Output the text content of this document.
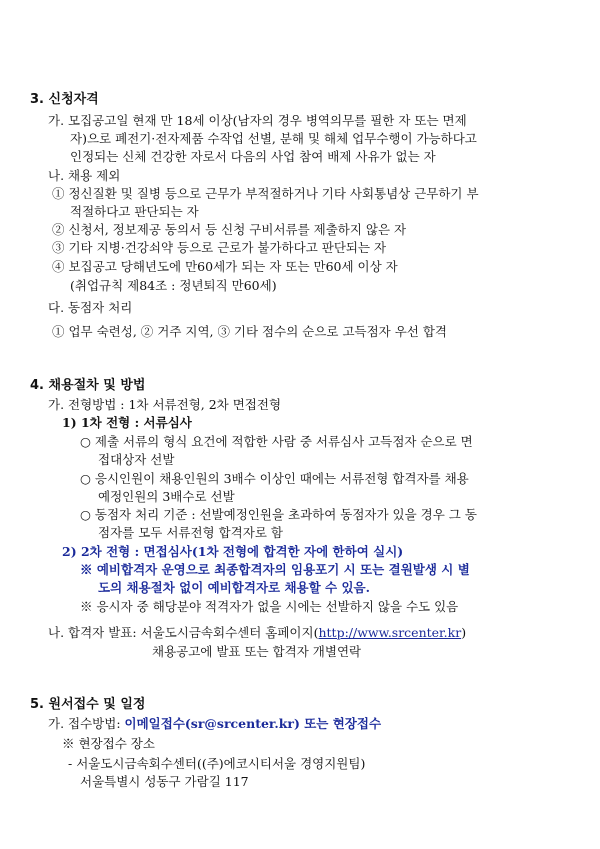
3. 신청자격
가. 모집공고일 현재 만 18세 이상(남자의 경우 병역의무를 필한 자 또는 면제
자)으로 폐전기·전자제품 수작업 선별, 분해 및 해체 업무수행이 가능하다고
인정되는 신체 건강한 자로서 다음의 사업 참여 배제 사유가 없는 자
나. 채용 제외
① 정신질환 및 질병 등으로 근무가 부적절하거나 기타 사회통념상 근무하기 부
적절하다고 판단되는 자
② 신청서, 정보제공 동의서 등 신청 구비서류를 제출하지 않은 자
③ 기타 지병·건강쇠약 등으로 근로가 불가하다고 판단되는 자
④ 보집공고 당해년도에 만60세가 되는 자 또는 만60세 이상 자
(취업규칙 제84조 : 정년퇴직 만60세)
다. 동점자 처리
① 업무 숙련성, ② 거주 지역, ③ 기타 점수의 순으로 고득점자 우선 합격
4. 채용절차 및 방법
가. 전형방법 : 1차 서류전형, 2차 면접전형
1) 1차 전형 : 서류심사
○ 제출 서류의 형식 요건에 적합한 사람 중 서류심사 고득점자 순으로 면
접대상자 선발
○ 응시인원이 채용인원의 3배수 이상인 때에는 서류전형 합격자를 채용
예정인원의 3배수로 선발
○ 동점자 처리 기준 : 선발예정인원을 초과하여 동점자가 있을 경우 그 동
점자를 모두 서류전형 합격자로 함
2) 2차 전형 : 면접심사(1차 전형에 합격한 자에 한하여 실시)
※ 예비합격자 운영으로 최종합격자의 임용포기 시 또는 결원발생 시 별
도의 채용절차 없이 예비합격자로 채용할 수 있음.
※ 응시자 중 해당분야 적격자가 없을 시에는 선발하지 않을 수도 있음
나. 합격자 발표: 서울도시금속회수센터 홈페이지(http://www.srcenter.kr)
채용공고에 발표 또는 합격자 개별연락
5. 원서접수 및 일정
가. 접수방법: 이메일접수(sr@srcenter.kr) 또는 현장접수
※ 현장접수 장소
- 서울도시금속회수센터((주)에코시티서울 경영지원팀)
서울특별시 성동구 가람길 117
